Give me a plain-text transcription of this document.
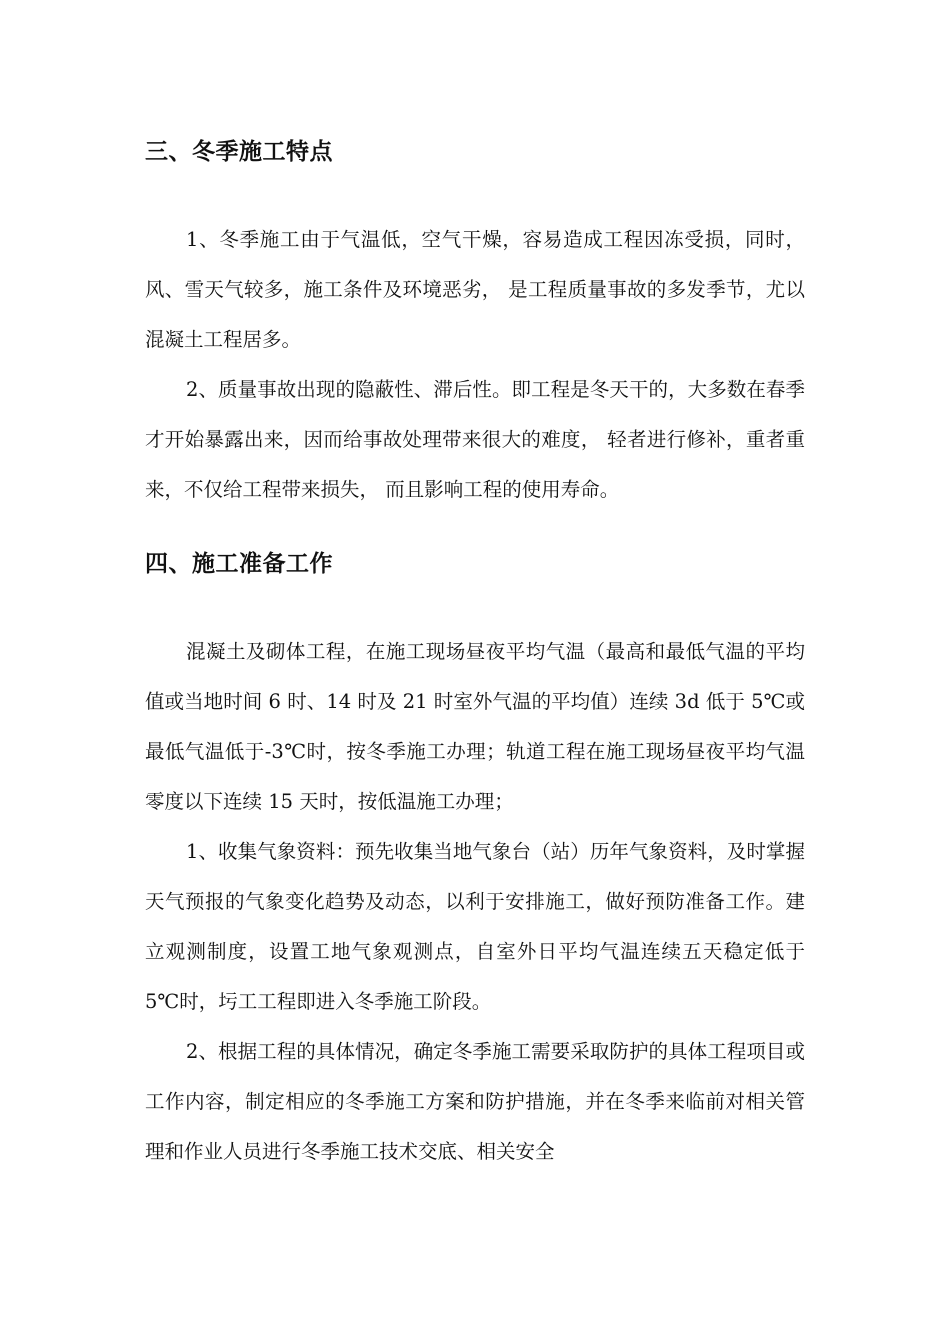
三、冬季施工特点

1、冬季施工由于气温低，空气干燥，容易造成工程因冻受损，同时，风、雪天气较多，施工条件及环境恶劣， 是工程质量事故的多发季节，尤以混凝土工程居多。

2、质量事故出现的隐蔽性、滞后性。即工程是冬天干的，大多数在春季才开始暴露出来，因而给事故处理带来很大的难度， 轻者进行修补，重者重来，不仅给工程带来损失， 而且影响工程的使用寿命。

四、施工准备工作

混凝土及砌体工程，在施工现场昼夜平均气温（最高和最低气温的平均值或当地时间 6 时、14 时及 21 时室外气温的平均值）连续 3d 低于 5℃或最低气温低于-3℃时，按冬季施工办理；轨道工程在施工现场昼夜平均气温零度以下连续 15 天时，按低温施工办理；

1、收集气象资料：预先收集当地气象台（站）历年气象资料，及时掌握天气预报的气象变化趋势及动态，以利于安排施工，做好预防准备工作。建立观测制度，设置工地气象观测点，自室外日平均气温连续五天稳定低于 5℃时，圬工工程即进入冬季施工阶段。

2、根据工程的具体情况，确定冬季施工需要采取防护的具体工程项目或工作内容，制定相应的冬季施工方案和防护措施，并在冬季来临前对相关管理和作业人员进行冬季施工技术交底、相关安全
